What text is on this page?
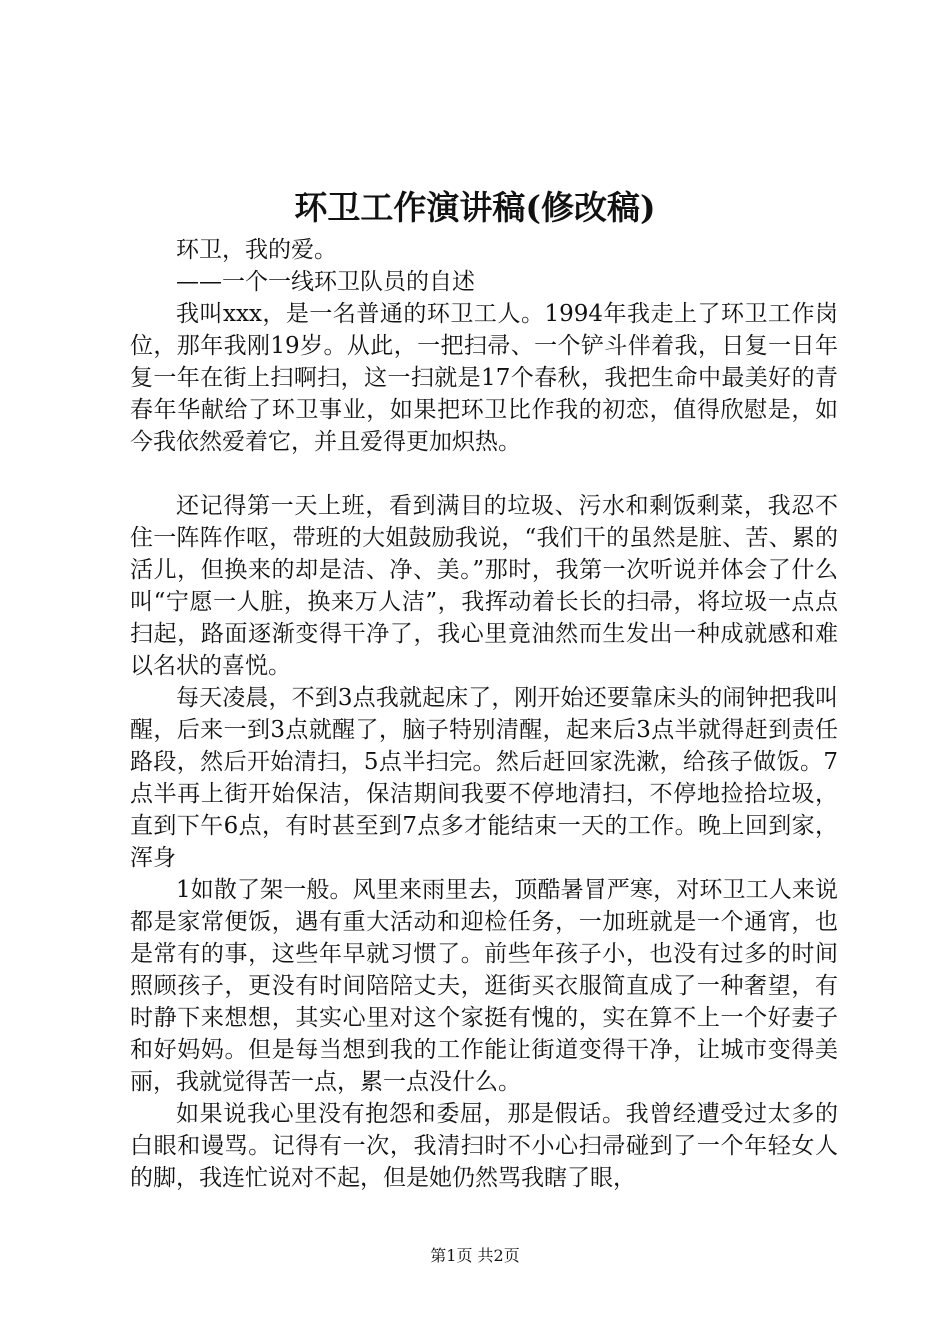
环卫工作演讲稿(修改稿)

环卫，我的爱。

——一个一线环卫队员的自述

我叫xxx，是一名普通的环卫工人。1994年我走上了环卫工作岗位，那年我刚19岁。从此，一把扫帚、一个铲斗伴着我，日复一日年复一年在街上扫啊扫，这一扫就是17个春秋，我把生命中最美好的青春年华献给了环卫事业，如果把环卫比作我的初恋，值得欣慰是，如今我依然爱着它，并且爱得更加炽热。

还记得第一天上班，看到满目的垃圾、污水和剩饭剩菜，我忍不住一阵阵作呕，带班的大姐鼓励我说，“我们干的虽然是脏、苦、累的活儿，但换来的却是洁、净、美。”那时，我第一次听说并体会了什么叫“宁愿一人脏，换来万人洁”，我挥动着长长的扫帚，将垃圾一点点扫起，路面逐渐变得干净了，我心里竟油然而生发出一种成就感和难以名状的喜悦。

每天凌晨，不到3点我就起床了，刚开始还要靠床头的闹钟把我叫醒，后来一到3点就醒了，脑子特别清醒，起来后3点半就得赶到责任路段，然后开始清扫，5点半扫完。然后赶回家洗漱，给孩子做饭。7点半再上街开始保洁，保洁期间我要不停地清扫，不停地捡拾垃圾，直到下午6点，有时甚至到7点多才能结束一天的工作。晚上回到家，浑身

1如散了架一般。风里来雨里去，顶酷暑冒严寒，对环卫工人来说都是家常便饭，遇有重大活动和迎检任务，一加班就是一个通宵，也是常有的事，这些年早就习惯了。前些年孩子小，也没有过多的时间照顾孩子，更没有时间陪陪丈夫，逛街买衣服简直成了一种奢望，有时静下来想想，其实心里对这个家挺有愧的，实在算不上一个好妻子和好妈妈。但是每当想到我的工作能让街道变得干净，让城市变得美丽，我就觉得苦一点，累一点没什么。

如果说我心里没有抱怨和委屈，那是假话。我曾经遭受过太多的白眼和谩骂。记得有一次，我清扫时不小心扫帚碰到了一个年轻女人的脚，我连忙说对不起，但是她仍然骂我瞎了眼，

第1页 共2页
